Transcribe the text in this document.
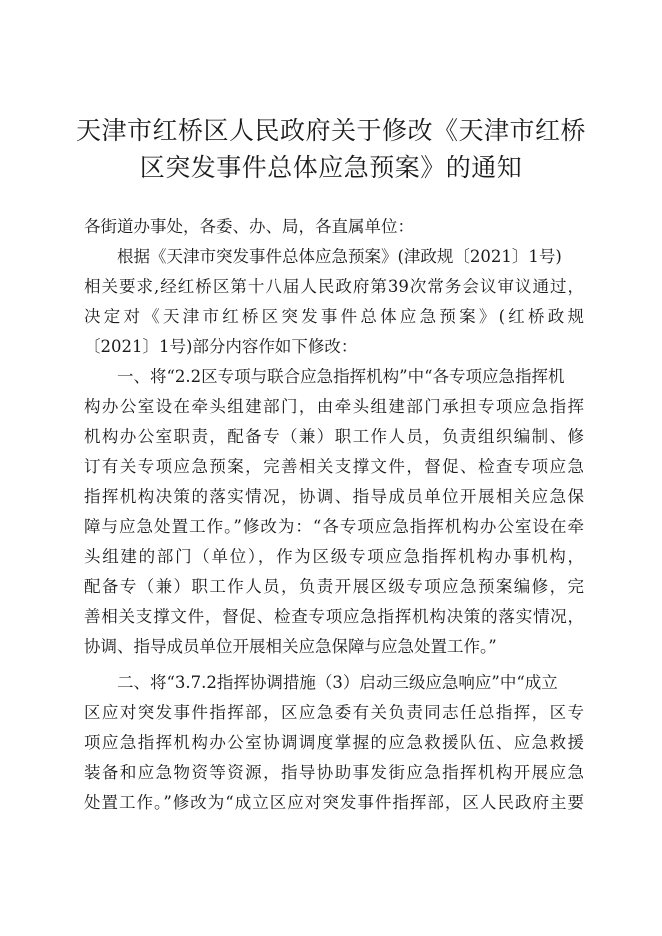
天津市红桥区人民政府关于修改《天津市红桥
区突发事件总体应急预案》的通知
各街道办事处，各委、办、局，各直属单位：
根据《天津市突发事件总体应急预案》(津政规〔2021〕1号)
相关要求,经红桥区第十八届人民政府第39次常务会议审议通过，
决定对《天津市红桥区突发事件总体应急预案》(红桥政规
〔2021〕1号)部分内容作如下修改：
一、将“2.2区专项与联合应急指挥机构”中“各专项应急指挥机
构办公室设在牵头组建部门，由牵头组建部门承担专项应急指挥
机构办公室职责，配备专（兼）职工作人员，负责组织编制、修
订有关专项应急预案，完善相关支撑文件，督促、检查专项应急
指挥机构决策的落实情况，协调、指导成员单位开展相关应急保
障与应急处置工作。”修改为：“各专项应急指挥机构办公室设在牵
头组建的部门（单位），作为区级专项应急指挥机构办事机构，
配备专（兼）职工作人员，负责开展区级专项应急预案编修，完
善相关支撑文件，督促、检查专项应急指挥机构决策的落实情况，
协调、指导成员单位开展相关应急保障与应急处置工作。”
二、将“3.7.2指挥协调措施（3）启动三级应急响应”中“成立
区应对突发事件指挥部，区应急委有关负责同志任总指挥，区专
项应急指挥机构办公室协调调度掌握的应急救援队伍、应急救援
装备和应急物资等资源，指导协助事发街应急指挥机构开展应急
处置工作。”修改为“成立区应对突发事件指挥部，区人民政府主要
